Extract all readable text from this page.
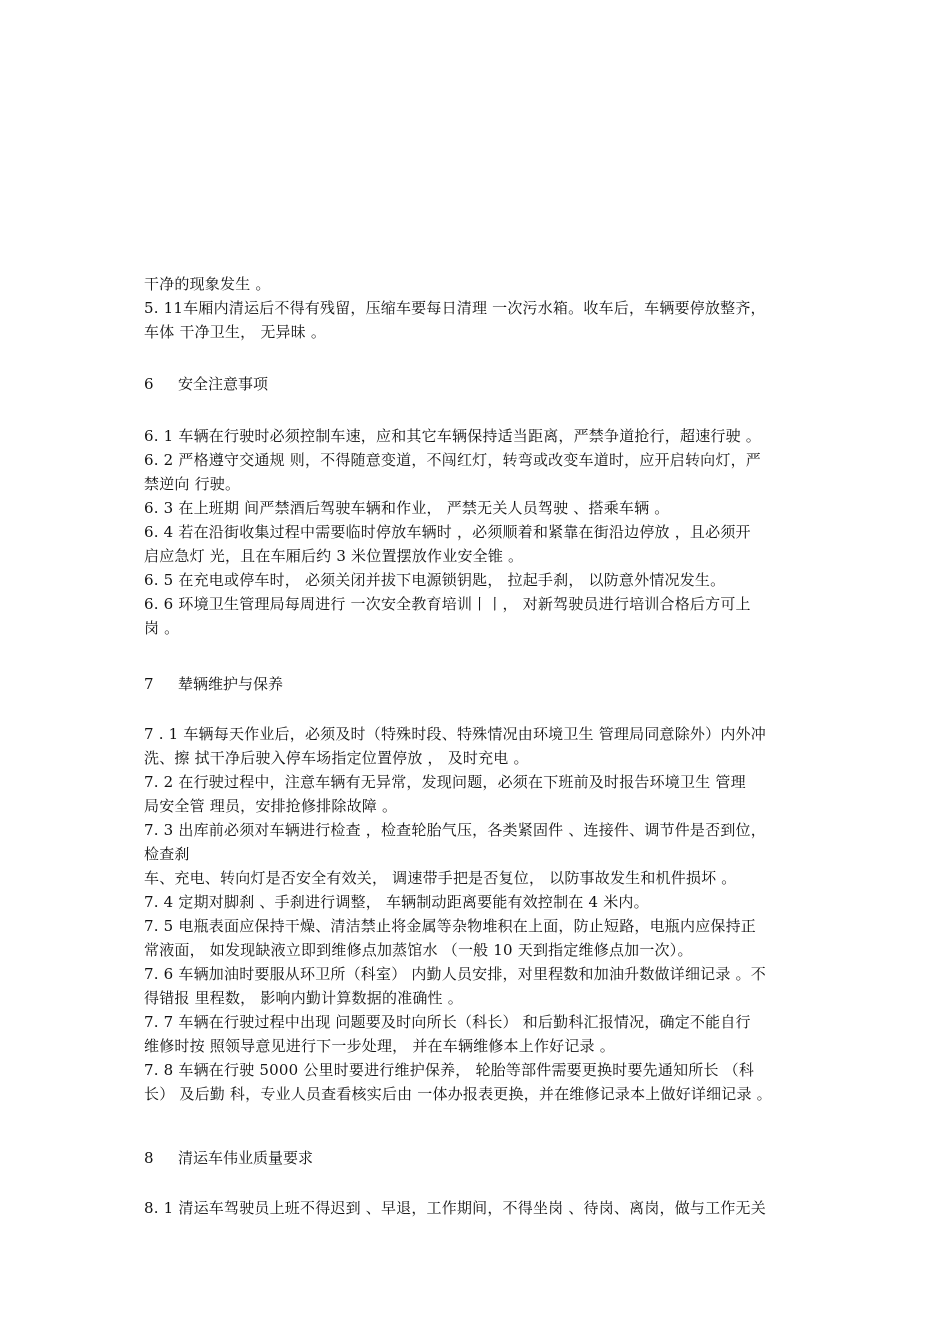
干净的现象发生 。
5. 11车厢内清运后不得有残留，压缩车要每日清理 一次污水箱。收车后，车辆要停放整齐，
车体 干净卫生， 无异昧 。
6 安全注意事项
6. 1 车辆在行驶时必须控制车速，应和其它车辆保持适当距离，严禁争道抢行，超速行驶 。
6. 2 严格遵守交通规 则，不得随意变道，不闯红灯，转弯或改变车道时，应开启转向灯，严
禁逆向 行驶。
6. 3 在上班期 间严禁酒后驾驶车辆和作业， 严禁无关人员驾驶 、搭乘车辆 。
6. 4 若在沿街收集过程中需要临时停放车辆时 ，必须顺着和紧靠在街沿边停放 ，且必须开
启应急灯 光，且在车厢后约 3 米位置摆放作业安全锥 。
6. 5 在充电或停车时， 必须关闭并拔下电源锁钥匙， 拉起手刹， 以防意外情况发生。
6. 6 环境卫生管理局每周进行 一次安全教育培训丨丨， 对新驾驶员进行培训合格后方可上
岗 。
7 辇辆维护与保养
7 . 1 车辆每天作业后，必须及时（特殊时段、特殊情况由环境卫生 管理局同意除外）内外冲
洗、擦 拭干净后驶入停车场指定位置停放 ， 及时充电 。
7. 2 在行驶过程中，注意车辆有无异常，发现问题，必须在下班前及时报告环境卫生 管理
局安全管 理员，安排抢修排除故障 。
7. 3 出库前必须对车辆进行检查 ，检查轮胎气压，各类紧固件 、连接件、调节件是否到位，
检查刹
车、充电、转向灯是否安全有效关， 调速带手把是否复位， 以防事故发生和机件损坏 。
7. 4 定期对脚刹 、手刹进行调整， 车辆制动距离要能有效控制在 4 米内。
7. 5 电瓶表面应保持干燥、清洁禁止将金属等杂物堆积在上面，防止短路，电瓶内应保持正
常液面， 如发现缺液立即到维修点加蒸馆水 （一般 10 天到指定维修点加一次）。
7. 6 车辆加油时要服从环卫所（科室） 内勤人员安排，对里程数和加油升数做详细记录 。不
得错报 里程数， 影响内勤计算数据的准确性 。
7. 7 车辆在行驶过程中出现 问题要及时向所长（科长） 和后勤科汇报情况，确定不能自行
维修时按 照领导意见进行下一步处理， 并在车辆维修本上作好记录 。
7. 8 车辆在行驶 5000 公里时要进行维护保养， 轮胎等部件需要更换时要先通知所长 （科
长） 及后勤 科，专业人员查看核实后由 一体办报表更换，并在维修记录本上做好详细记录 。
8 清运车伟业质量要求
8. 1 清运车驾驶员上班不得迟到 、早退，工作期间，不得坐岗 、待岗、离岗，做与工作无关
